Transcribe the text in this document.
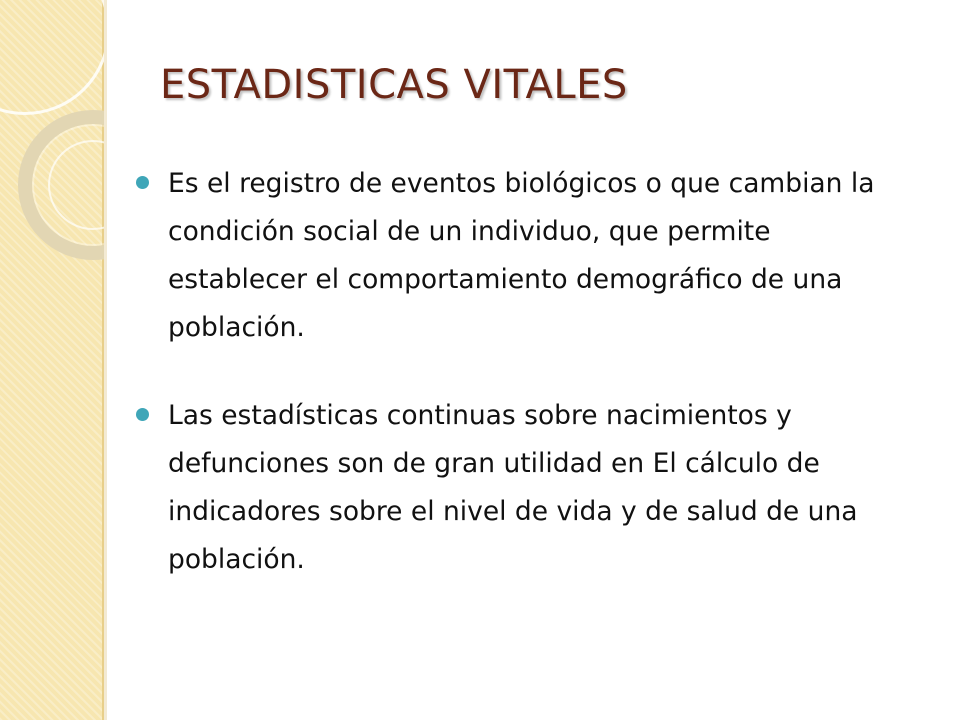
ESTADISTICAS VITALES
Es el registro de eventos biológicos o que cambian la condición social de un individuo, que permite establecer el comportamiento demográfico de una población.
Las estadísticas continuas sobre nacimientos y defunciones son de gran utilidad en El cálculo de indicadores sobre el nivel de vida y de salud de una población.
